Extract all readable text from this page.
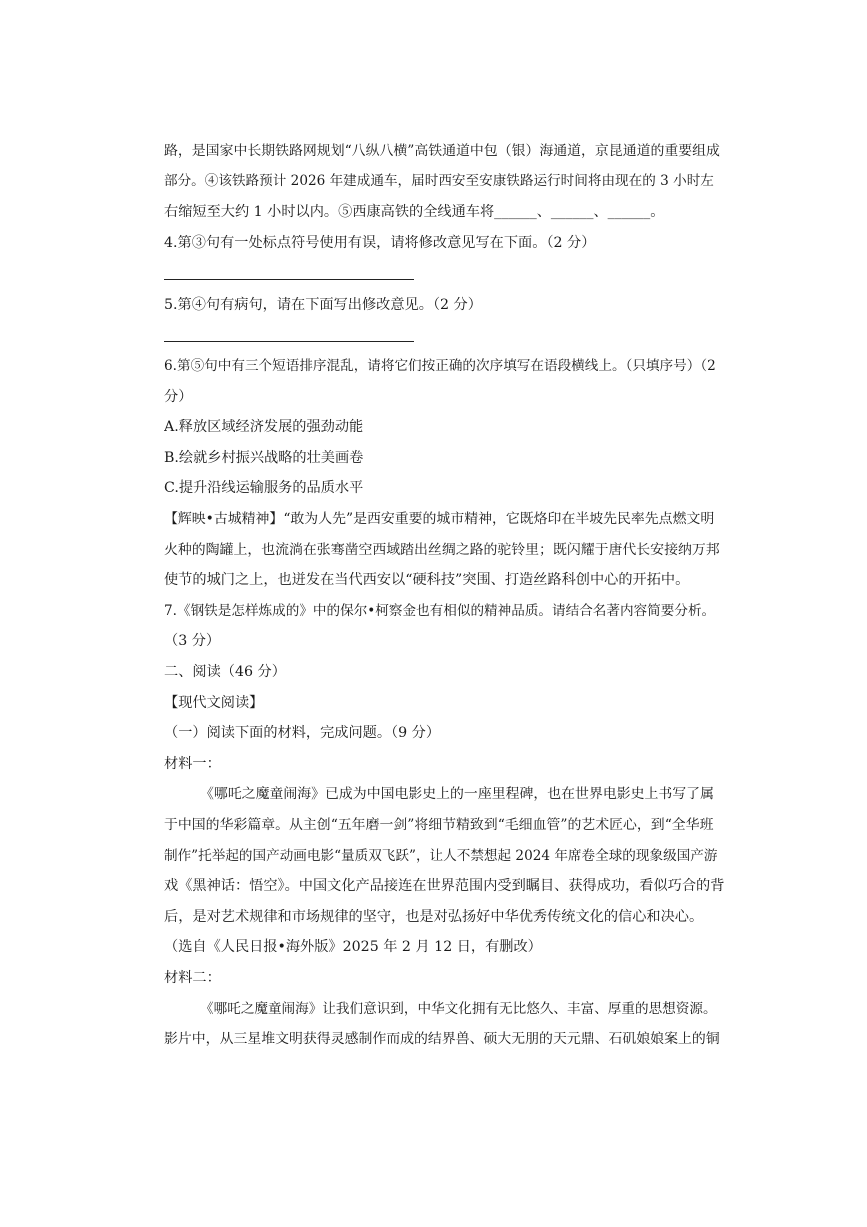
路，是国家中长期铁路网规划“八纵八横”高铁通道中包（银）海通道，京昆通道的重要组成
部分。④该铁路预计 2026 年建成通车，届时西安至安康铁路运行时间将由现在的 3 小时左
右缩短至大约 1 小时以内。⑤西康高铁的全线通车将______、______、______。
4.第③句有一处标点符号使用有误，请将修改意见写在下面。（2 分）
5.第④句有病句，请在下面写出修改意见。（2 分）
6.第⑤句中有三个短语排序混乱，请将它们按正确的次序填写在语段横线上。（只填序号）（2
分）
A.释放区域经济发展的强劲动能
B.绘就乡村振兴战略的壮美画卷
C.提升沿线运输服务的品质水平
【辉映•古城精神】“敢为人先”是西安重要的城市精神，它既烙印在半坡先民率先点燃文明
火种的陶罐上，也流淌在张骞凿空西域踏出丝绸之路的驼铃里；既闪耀于唐代长安接纳万邦
使节的城门之上，也迸发在当代西安以“硬科技”突围、打造丝路科创中心的开拓中。
7.《钢铁是怎样炼成的》中的保尔•柯察金也有相似的精神品质。请结合名著内容简要分析。
（3 分）
二、阅读（46 分）
【现代文阅读】
（一）阅读下面的材料，完成问题。（9 分）
材料一：
《哪吒之魔童闹海》已成为中国电影史上的一座里程碑，也在世界电影史上书写了属
于中国的华彩篇章。从主创“五年磨一剑”将细节精致到“毛细血管”的艺术匠心，到“全华班
制作”托举起的国产动画电影“量质双飞跃”，让人不禁想起 2024 年席卷全球的现象级国产游
戏《黑神话：悟空》。中国文化产品接连在世界范围内受到瞩目、获得成功，看似巧合的背
后，是对艺术规律和市场规律的坚守，也是对弘扬好中华优秀传统文化的信心和决心。
（选自《人民日报•海外版》2025 年 2 月 12 日，有删改）
材料二：
《哪吒之魔童闹海》让我们意识到，中华文化拥有无比悠久、丰富、厚重的思想资源。
影片中，从三星堆文明获得灵感制作而成的结界兽、硕大无朋的天元鼎、石矶娘娘案上的铜
